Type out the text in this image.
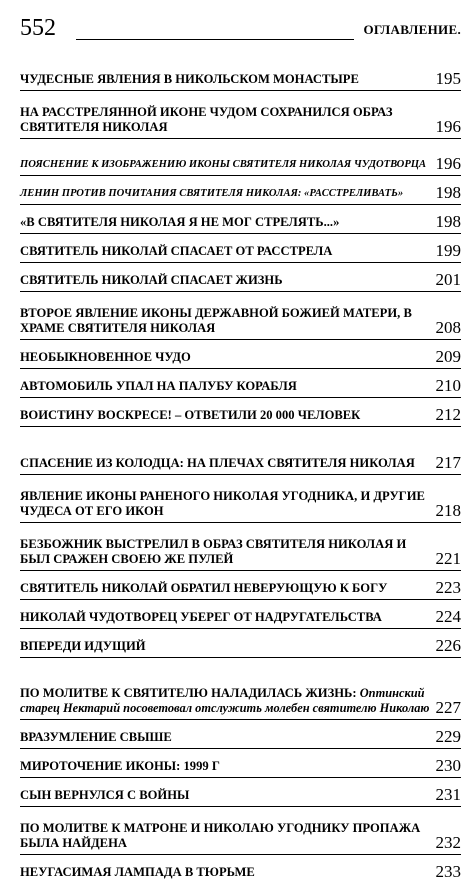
552	ОГЛАВЛЕНИЕ.
ЧУДЕСНЫЕ ЯВЛЕНИЯ В НИКОЛЬСКОМ МОНАСТЫРЕ	195
НА РАССТРЕЛЯННОЙ ИКОНЕ ЧУДОМ СОХРАНИЛСЯ ОБРАЗ СВЯТИТЕЛЯ НИКОЛАЯ	196
ПОЯСНЕНИЕ К ИЗОБРАЖЕНИЮ ИКОНЫ СВЯТИТЕЛЯ НИКОЛАЯ ЧУДОТВОРЦА 196
ЛЕНИН ПРОТИВ ПОЧИТАНИЯ СВЯТИТЕЛЯ НИКОЛАЯ: «РАССТРЕЛИВАТЬ»	198
«В СВЯТИТЕЛЯ НИКОЛАЯ Я НЕ МОГ СТРЕЛЯТЬ...»	198
СВЯТИТЕЛЬ НИКОЛАЙ СПАСАЕТ ОТ РАССТРЕЛА	199
СВЯТИТЕЛЬ НИКОЛАЙ СПАСАЕТ ЖИЗНЬ	201
ВТОРОЕ ЯВЛЕНИЕ ИКОНЫ ДЕРЖАВНОЙ БОЖИЕЙ МАТЕРИ, В ХРАМЕ СВЯТИТЕЛЯ НИКОЛАЯ	208
НЕОБЫКНОВЕННОЕ ЧУДО	209
АВТОМОБИЛЬ УПАЛ НА ПАЛУБУ КОРАБЛЯ	210
ВОИСТИНУ ВОСКРЕСЕ! – ОТВЕТИЛИ 20 000 ЧЕЛОВЕК	212
СПАСЕНИЕ ИЗ КОЛОДЦА: НА ПЛЕЧАХ СВЯТИТЕЛЯ НИКОЛАЯ	217
ЯВЛЕНИЕ ИКОНЫ РАНЕНОГО НИКОЛАЯ УГОДНИКА, И ДРУГИЕ ЧУДЕСА ОТ ЕГО ИКОН	218
БЕЗБОЖНИК ВЫСТРЕЛИЛ В ОБРАЗ СВЯТИТЕЛЯ НИКОЛАЯ И БЫЛ СРАЖЕН СВОЕЮ ЖЕ ПУЛЕЙ	221
СВЯТИТЕЛЬ НИКОЛАЙ ОБРАТИЛ НЕВЕРУЮЩУЮ К БОГУ	223
НИКОЛАЙ ЧУДОТВОРЕЦ УБЕРЕГ ОТ НАДРУГАТЕЛЬСТВА	224
ВПЕРЕДИ ИДУЩИЙ	226
ПО МОЛИТВЕ К СВЯТИТЕЛЮ НАЛАДИЛАСЬ ЖИЗНЬ: Оптинский старец Нектарий посоветовал отслужить молебен святителю Николаю 227
ВРАЗУМЛЕНИЕ СВЫШЕ	229
МИРОТОЧЕНИЕ ИКОНЫ: 1999 Г	230
СЫН ВЕРНУЛСЯ С ВОЙНЫ	231
ПО МОЛИТВЕ К МАТРОНЕ И НИКОЛАЮ УГОДНИКУ ПРОПАЖА БЫЛА НАЙДЕНА	232
НЕУГАСИМАЯ ЛАМПАДА В ТЮРЬМЕ	233
